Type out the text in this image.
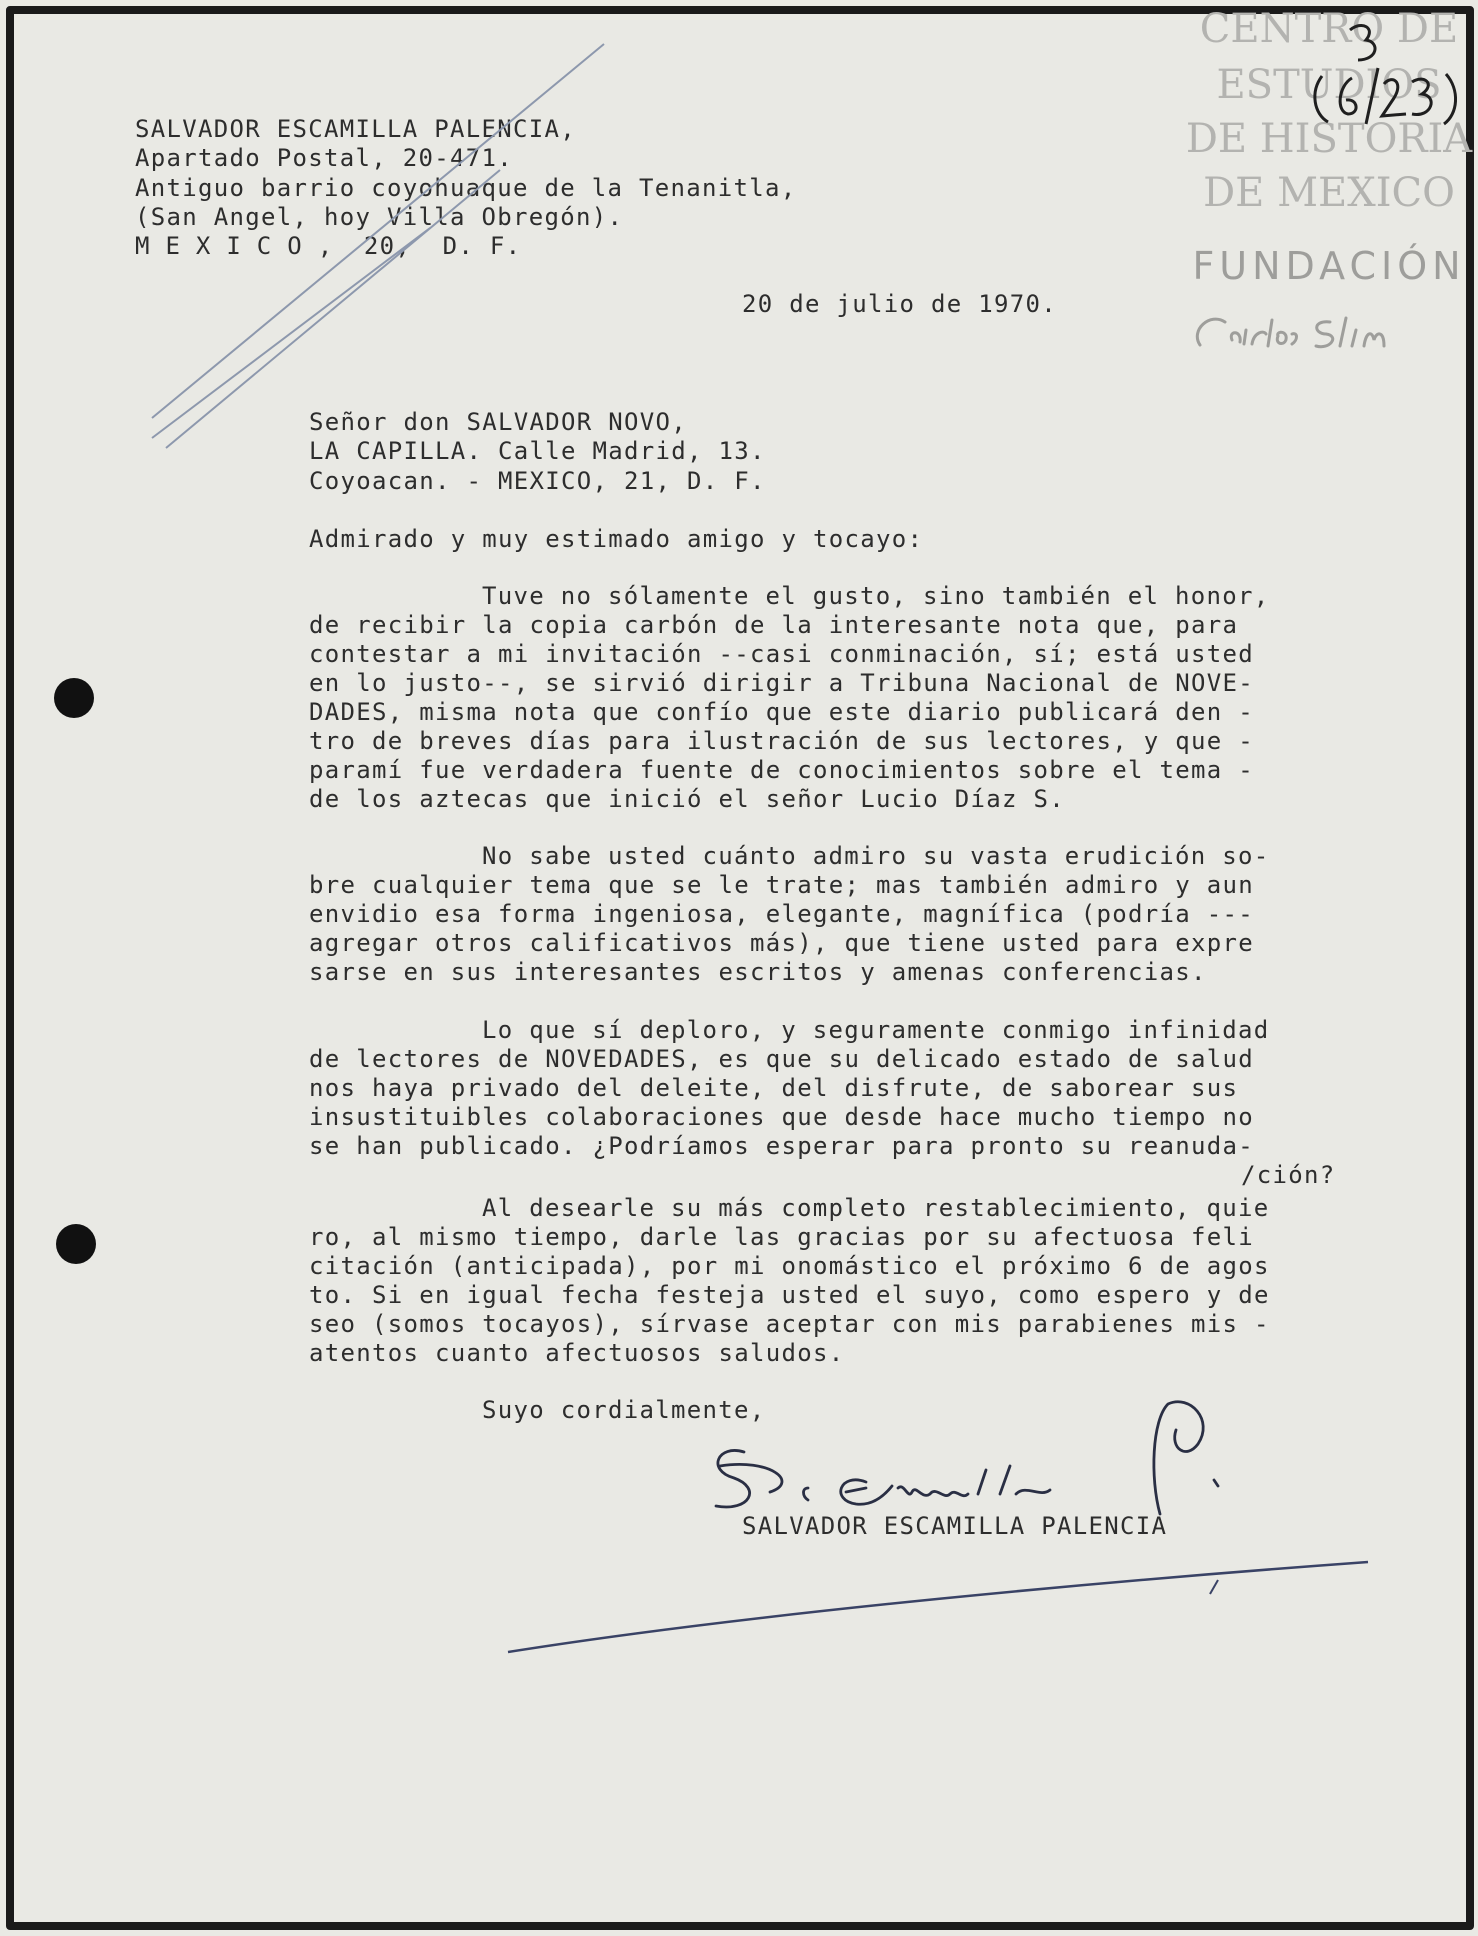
CENTRO DE
ESTUDIOS
DE HISTORIA
DE MEXICO
FUNDACIÓN
SALVADOR ESCAMILLA PALENCIA,
Apartado Postal, 20-471.
Antiguo barrio coyohuaque de la Tenanitla,
(San Angel, hoy Villa Obregón).
MEXICO, 20,  D. F.
20 de julio de 1970.
Señor don SALVADOR NOVO,
LA CAPILLA. Calle Madrid, 13.
Coyoacan. - MEXICO, 21, D. F.
Admirado y muy estimado amigo y tocayo:
Tuve no sólamente el gusto, sino también el honor,
de recibir la copia carbón de la interesante nota que, para
contestar a mi invitación --casi conminación, sí; está usted
en lo justo--, se sirvió dirigir a Tribuna Nacional de NOVE-
DADES, misma nota que confío que este diario publicará den -
tro de breves días para ilustración de sus lectores, y que -
paramí fue verdadera fuente de conocimientos sobre el tema -
de los aztecas que inició el señor Lucio Díaz S.
No sabe usted cuánto admiro su vasta erudición so-
bre cualquier tema que se le trate; mas también admiro y aun
envidio esa forma ingeniosa, elegante, magnífica (podría ---
agregar otros calificativos más), que tiene usted para expre
sarse en sus interesantes escritos y amenas conferencias.
Lo que sí deploro, y seguramente conmigo infinidad
de lectores de NOVEDADES, es que su delicado estado de salud
nos haya privado del deleite, del disfrute, de saborear sus
insustituibles colaboraciones que desde hace mucho tiempo no
se han publicado. ¿Podríamos esperar para pronto su reanuda-
/ción?
Al desearle su más completo restablecimiento, quie
ro, al mismo tiempo, darle las gracias por su afectuosa feli
citación (anticipada), por mi onomástico el próximo 6 de agos
to. Si en igual fecha festeja usted el suyo, como espero y de
seo (somos tocayos), sírvase aceptar con mis parabienes mis -
atentos cuanto afectuosos saludos.
Suyo cordialmente,
SALVADOR ESCAMILLA PALENCIA
